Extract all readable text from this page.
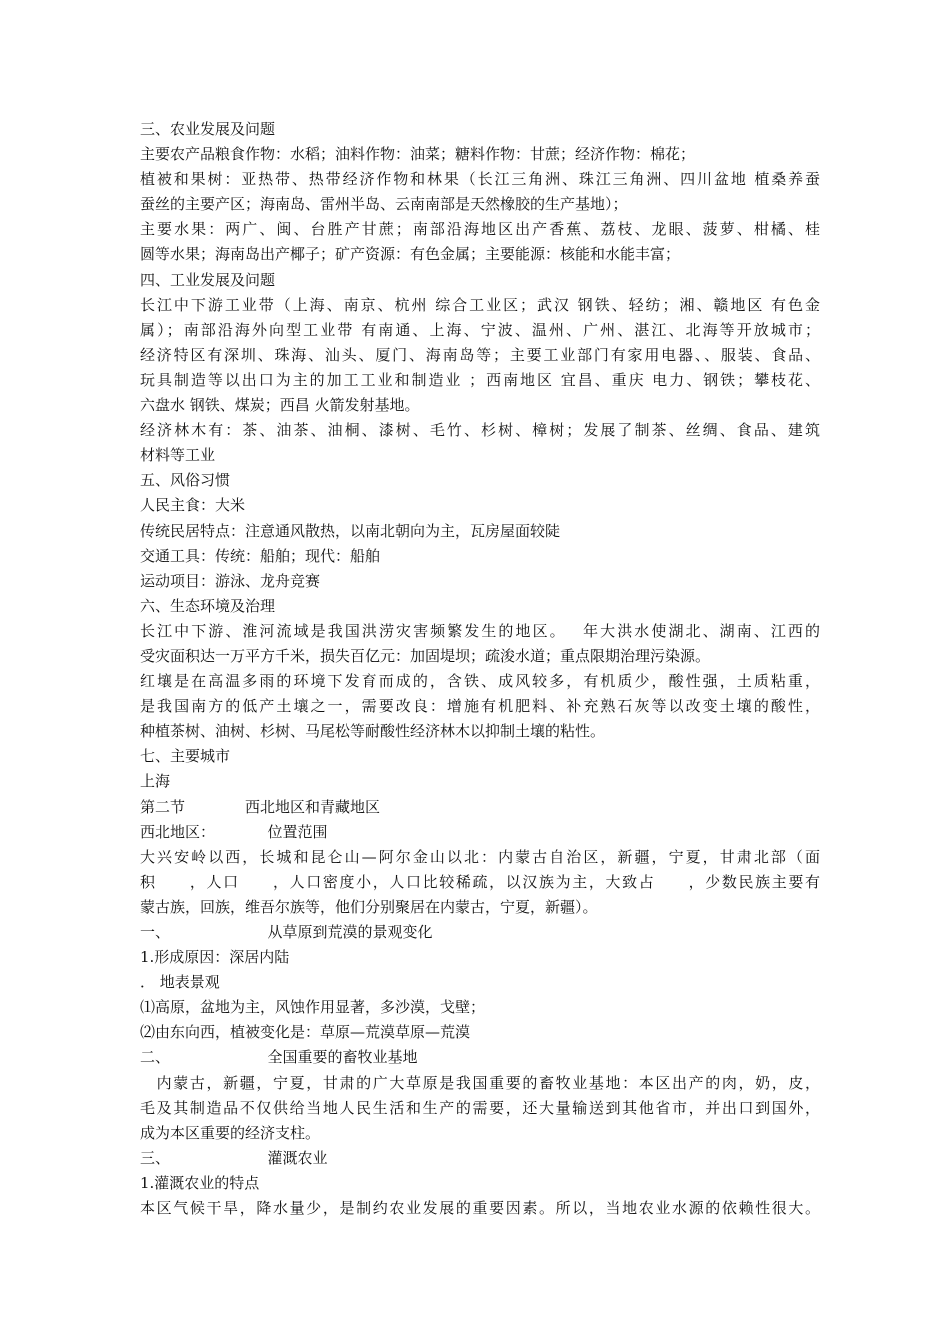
三、农业发展及问题
主要农产品粮食作物：水稻；油料作物：油菜；糖料作物：甘蔗；经济作物：棉花；
植被和果树：亚热带、热带经济作物和林果（长江三角洲、珠江三角洲、四川盆地 植桑养蚕
蚕丝的主要产区；海南岛、雷州半岛、云南南部是天然橡胶的生产基地）；
主要水果：两广、闽、台胜产甘蔗；南部沿海地区出产香蕉、荔枝、龙眼、菠萝、柑橘、桂
圆等水果；海南岛出产椰子；矿产资源：有色金属；主要能源：核能和水能丰富；
四、工业发展及问题
长江中下游工业带（上海、南京、杭州 综合工业区；武汉 钢铁、轻纺；湘、赣地区 有色金
属）；南部沿海外向型工业带 有南通、上海、宁波、温州、广州、湛江、北海等开放城市；
经济特区有深圳、珠海、汕头、厦门、海南岛等；主要工业部门有家用电器、、服装、食品、
玩具制造等以出口为主的加工工业和制造业 ；西南地区 宜昌、重庆 电力、钢铁；攀枝花、
六盘水 钢铁、煤炭；西昌 火箭发射基地。
经济林木有：茶、油茶、油桐、漆树、毛竹、杉树、樟树；发展了制茶、丝绸、食品、建筑
材料等工业
五、风俗习惯
人民主食：大米
传统民居特点：注意通风散热，以南北朝向为主，瓦房屋面较陡
交通工具：传统：船舶；现代：船舶
运动项目：游泳、龙舟竞赛
六、生态环境及治理
长江中下游、淮河流域是我国洪涝灾害频繁发生的地区。　 年大洪水使湖北、湖南、江西的
受灾面积达一万平方千米，损失百亿元：加固堤坝；疏浚水道；重点限期治理污染源。
红壤是在高温多雨的环境下发育而成的，含铁、成风较多，有机质少，酸性强，土质粘重，
是我国南方的低产土壤之一，需要改良：增施有机肥料、补充熟石灰等以改变土壤的酸性，
种植茶树、油树、杉树、马尾松等耐酸性经济林木以抑制土壤的粘性。
七、主要城市
上海
第二节　　　　西北地区和青藏地区
西北地区：　　　　位置范围
大兴安岭以西，长城和昆仑山—阿尔金山以北：内蒙古自治区，新疆，宁夏，甘肃北部（面
积　　，人口　　，人口密度小，人口比较稀疏，以汉族为主，大致占　　，少数民族主要有
蒙古族，回族，维吾尔族等，他们分别聚居在内蒙古，宁夏，新疆）。
一、　　　　　　　从草原到荒漠的景观变化
1.形成原因：深居内陆
． 地表景观
⑴高原，盆地为主，风蚀作用显著，多沙漠，戈壁；
⑵由东向西，植被变化是：草原—荒漠草原—荒漠
二、　　　　　　　全国重要的畜牧业基地
　内蒙古，新疆，宁夏，甘肃的广大草原是我国重要的畜牧业基地：本区出产的肉，奶，皮，
毛及其制造品不仅供给当地人民生活和生产的需要，还大量输送到其他省市，并出口到国外，
成为本区重要的经济支柱。
三、　　　　　　　灌溉农业
1.灌溉农业的特点
本区气候干旱，降水量少，是制约农业发展的重要因素。所以，当地农业水源的依赖性很大。
